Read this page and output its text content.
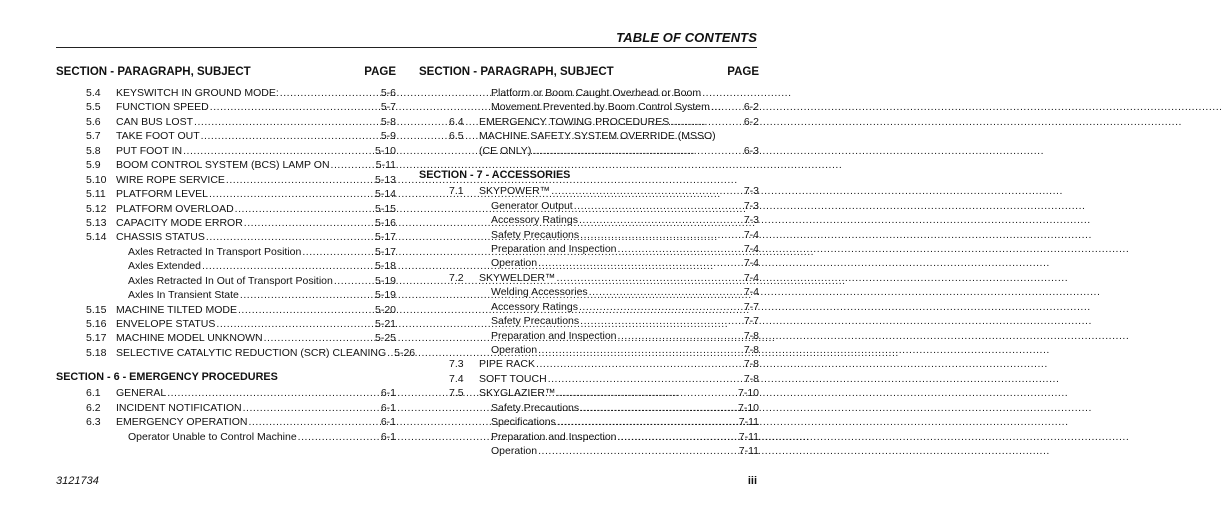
TABLE OF CONTENTS
SECTION - PARAGRAPH, SUBJECT	PAGE
5.4 KEYSWITCH IN GROUND MODE: . . .	5-6
5.5 FUNCTION SPEED . . .	5-7
5.6 CAN BUS LOST . . .	5-8
5.7 TAKE FOOT OUT . . .	5-9
5.8 PUT FOOT IN . . .	5-10
5.9 BOOM CONTROL SYSTEM (BCS) LAMP ON . . .	5-11
5.10 WIRE ROPE SERVICE . . .	5-13
5.11 PLATFORM LEVEL . . .	5-14
5.12 PLATFORM OVERLOAD . . .	5-15
5.13 CAPACITY MODE ERROR . . .	5-16
5.14 CHASSIS STATUS . . .	5-17
Axles Retracted In Transport Position . . .	5-17
Axles Extended . . .	5-18
Axles Retracted In Out of Transport Position . . .	5-19
Axles In Transient State . . .	5-19
5.15 MACHINE TILTED MODE . . .	5-20
5.16 ENVELOPE STATUS . . .	5-21
5.17 MACHINE MODEL UNKNOWN . . .	5-25
5.18 SELECTIVE CATALYTIC REDUCTION (SCR) CLEANING . . . 5-26
SECTION - 6 - EMERGENCY PROCEDURES
6.1 GENERAL . . .	6-1
6.2 INCIDENT NOTIFICATION . . .	6-1
6.3 EMERGENCY OPERATION . . .	6-1
Operator Unable to Control Machine . . .	6-1
SECTION - PARAGRAPH, SUBJECT	PAGE
Platform or Boom Caught Overhead or Boom
Movement Prevented by Boom Control System . . .	6-2
6.4 EMERGENCY TOWING PROCEDURES . . .	6-2
6.5 MACHINE SAFETY SYSTEM OVERRIDE (MSSO)
(CE ONLY) . . .	6-3
SECTION - 7 - ACCESSORIES
7.1 SKYPOWER™ . . .	7-3
Generator Output . . .	7-3
Accessory Ratings . . .	7-3
Safety Precautions . . .	7-4
Preparation and Inspection . . .	7-4
Operation . . .	7-4
7.2 SKYWELDER™ . . .	7-4
Welding Accessories . . .	7-4
Accessory Ratings . . .	7-7
Safety Precautions . . .	7-7
Preparation and Inspection . . .	7-8
Operation . . .	7-8
7.3 PIPE RACK . . .	7-8
7.4 SOFT TOUCH . . .	7-8
7.5 SKYGLAZIER™ . . .	7-10
Safety Precautions . . .	7-10
Specifications . . .	7-11
Preparation and Inspection . . .	7-11
Operation . . .	7-11
3121734	iii
